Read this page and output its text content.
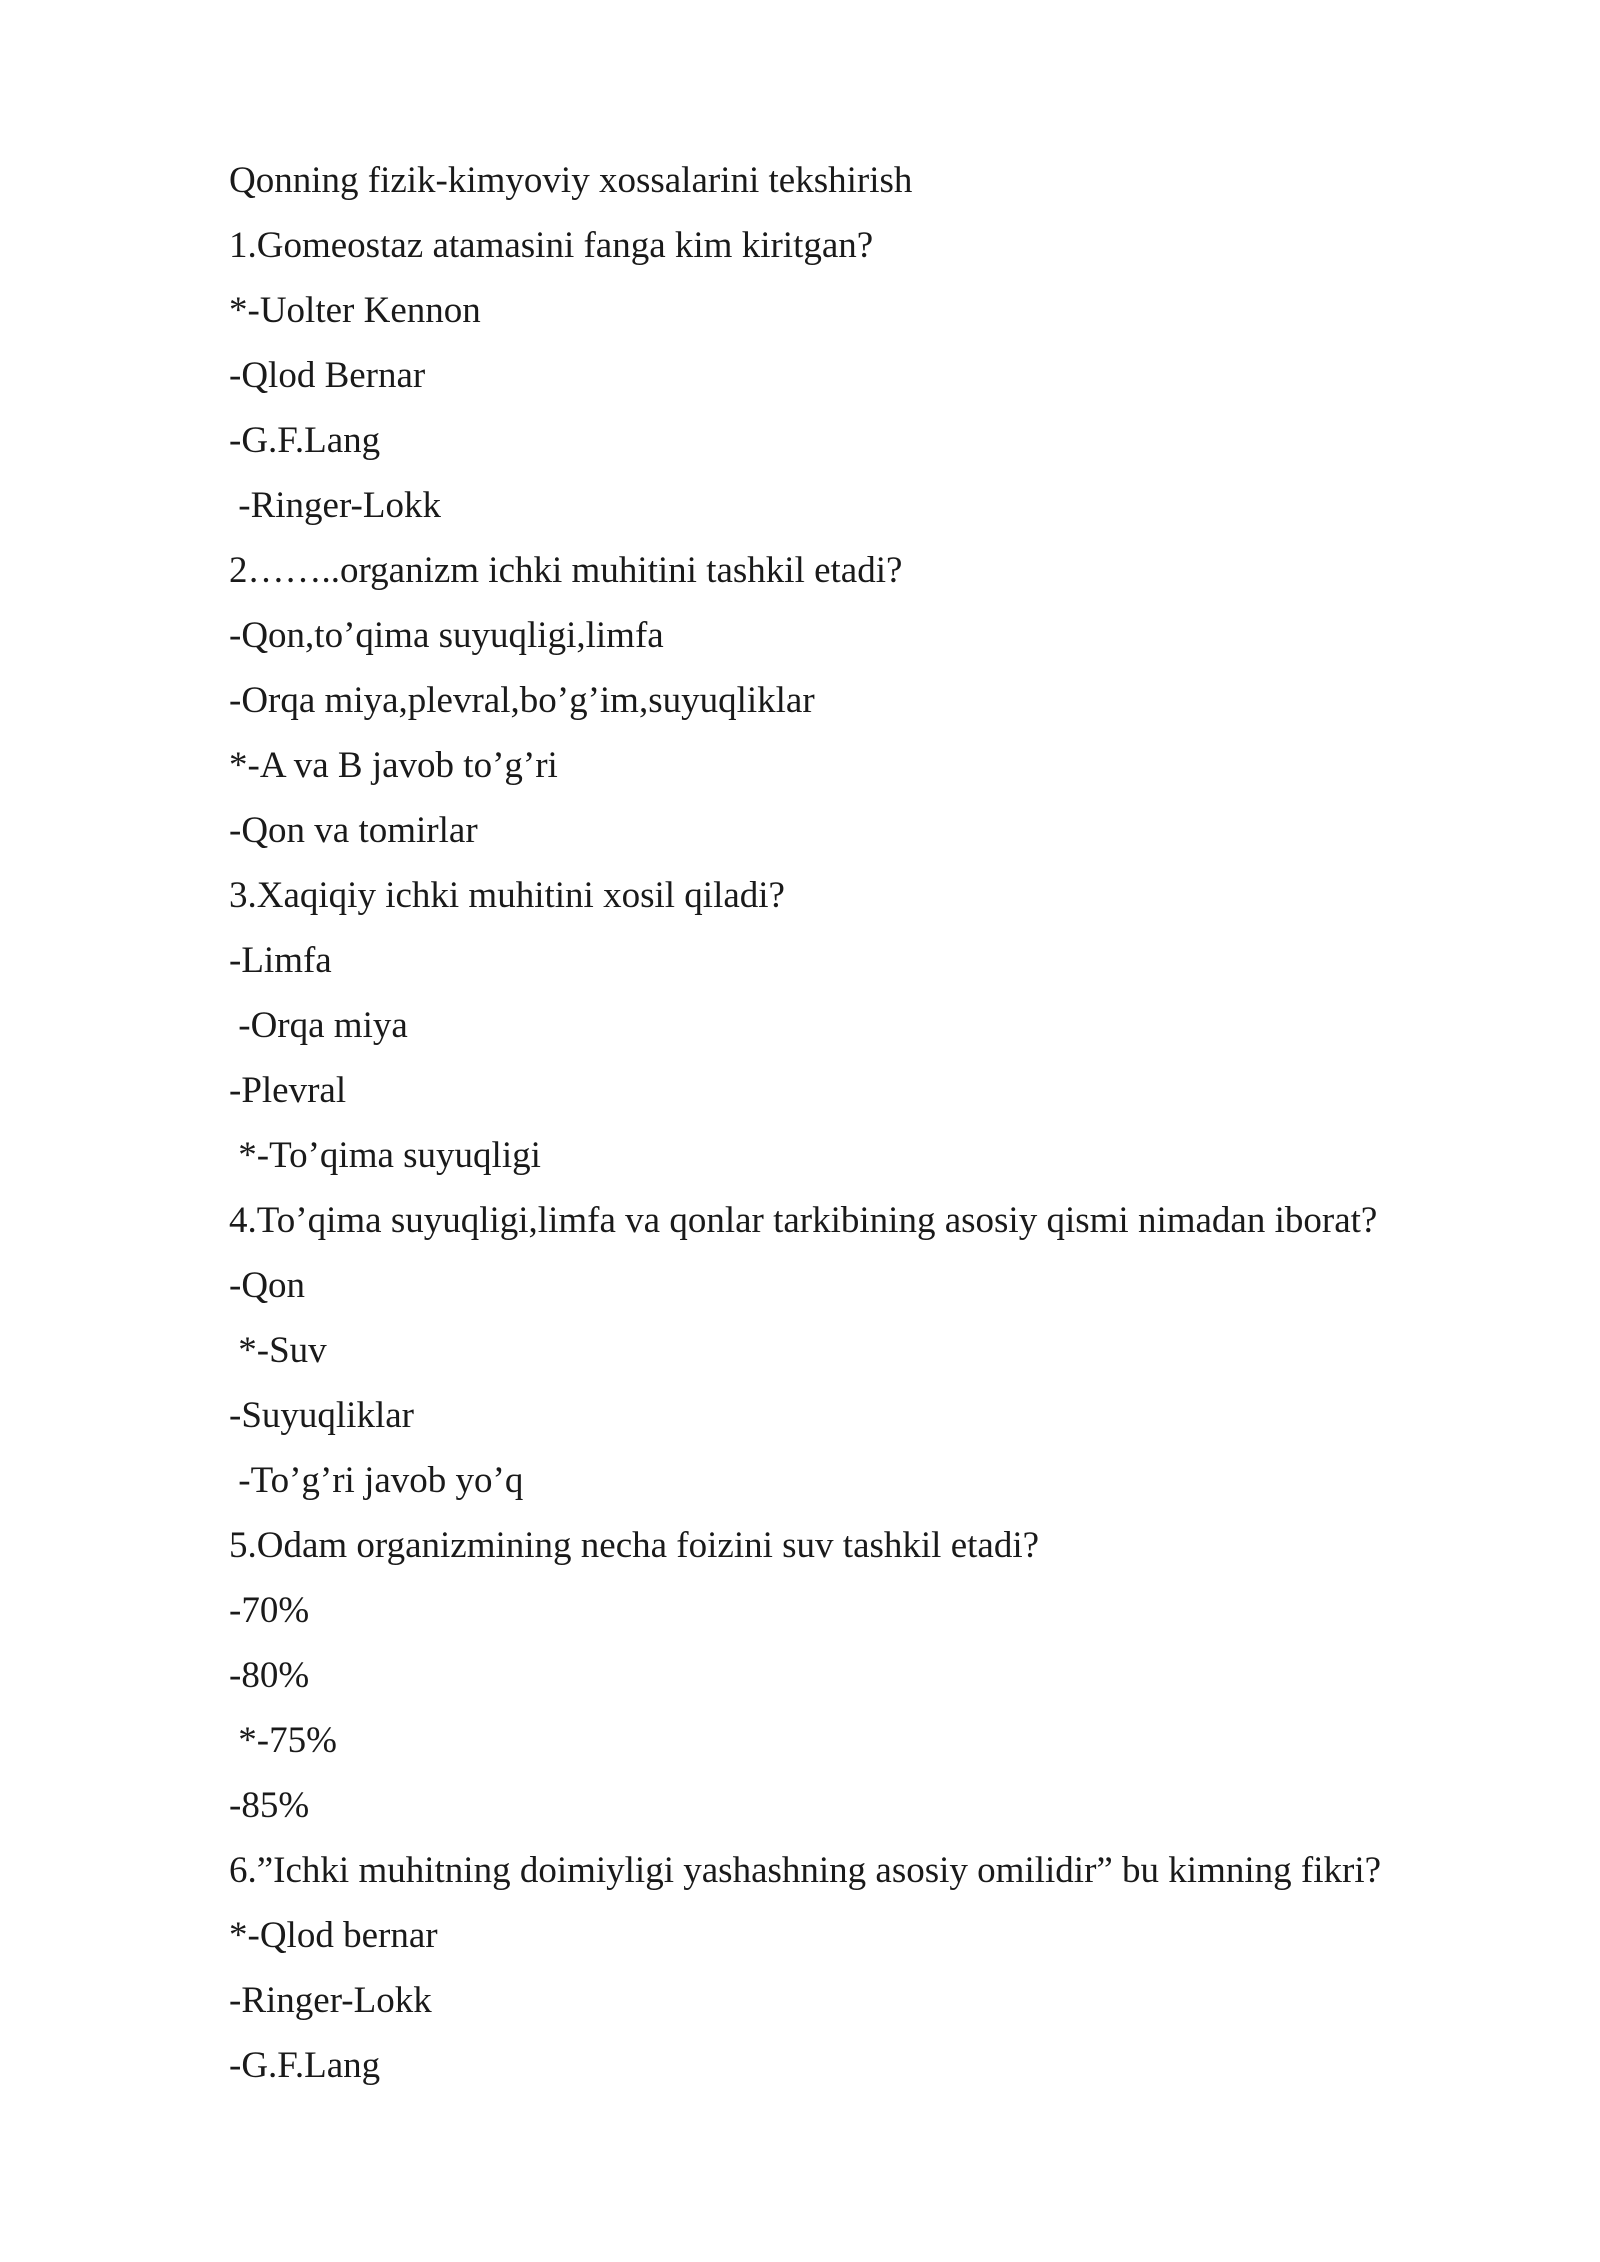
Qonning fizik-kimyoviy xossalarini tekshirish
1.Gomeostaz atamasini fanga kim kiritgan?
*-Uolter Kennon
-Qlod Bernar
-G.F.Lang
-Ringer-Lokk
2……..organizm ichki muhitini tashkil etadi?
-Qon,to’qima suyuqligi,limfa
-Orqa miya,plevral,bo’g’im,suyuqliklar
*-A va B javob to’g’ri
-Qon va tomirlar
3.Xaqiqiy ichki muhitini xosil qiladi?
-Limfa
-Orqa miya
-Plevral
*-To’qima suyuqligi
4.To’qima suyuqligi,limfa va qonlar tarkibining asosiy qismi nimadan iborat?
-Qon
*-Suv
-Suyuqliklar
-To’g’ri javob yo’q
5.Odam organizmining necha foizini suv tashkil etadi?
-70%
-80%
*-75%
-85%
6.”Ichki muhitning doimiyligi yashashning asosiy omilidir” bu kimning fikri?
*-Qlod bernar
-Ringer-Lokk
-G.F.Lang
